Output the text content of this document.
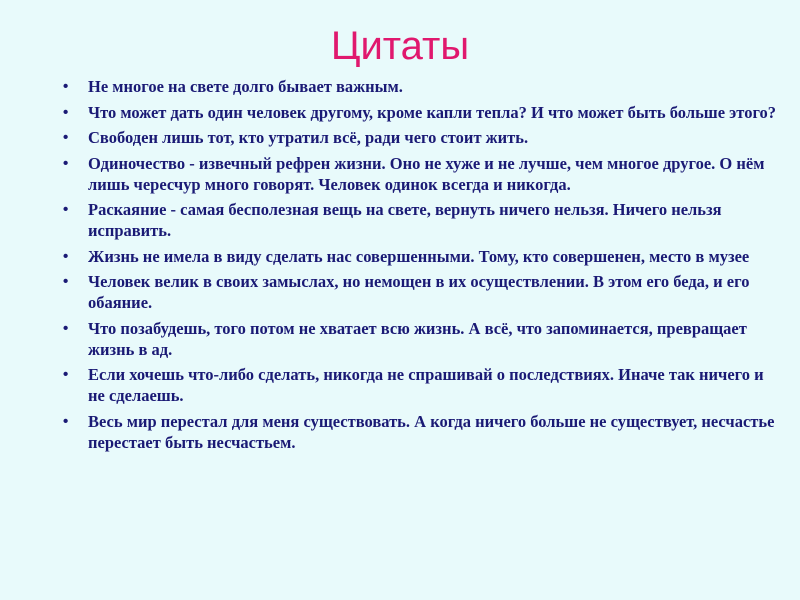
Цитаты
• Не многое на свете долго бывает важным.
• Что может дать один человек другому, кроме капли тепла? И что может быть больше этого?
• Свободен лишь тот, кто утратил всё, ради чего стоит жить.
• Одиночество - извечный рефрен жизни. Оно не хуже и не лучше, чем многое другое. О нём лишь чересчур много говорят. Человек одинок всегда и никогда.
• Раскаяние - самая бесполезная вещь на свете, вернуть ничего нельзя. Ничего нельзя исправить.
• Жизнь не имела в виду сделать нас совершенными. Тому, кто совершенен, место в музее
• Человек велик в своих замыслах, но немощен в их осуществлении. В этом его беда, и его обаяние.
• Что позабудешь, того потом не хватает всю жизнь. А всё, что запоминается, превращает жизнь в ад.
• Если хочешь что-либо сделать, никогда не спрашивай о последствиях. Иначе так ничего и не сделаешь.
• Весь мир перестал для меня существовать. А когда ничего больше не существует, несчастье перестает быть несчастьем.
